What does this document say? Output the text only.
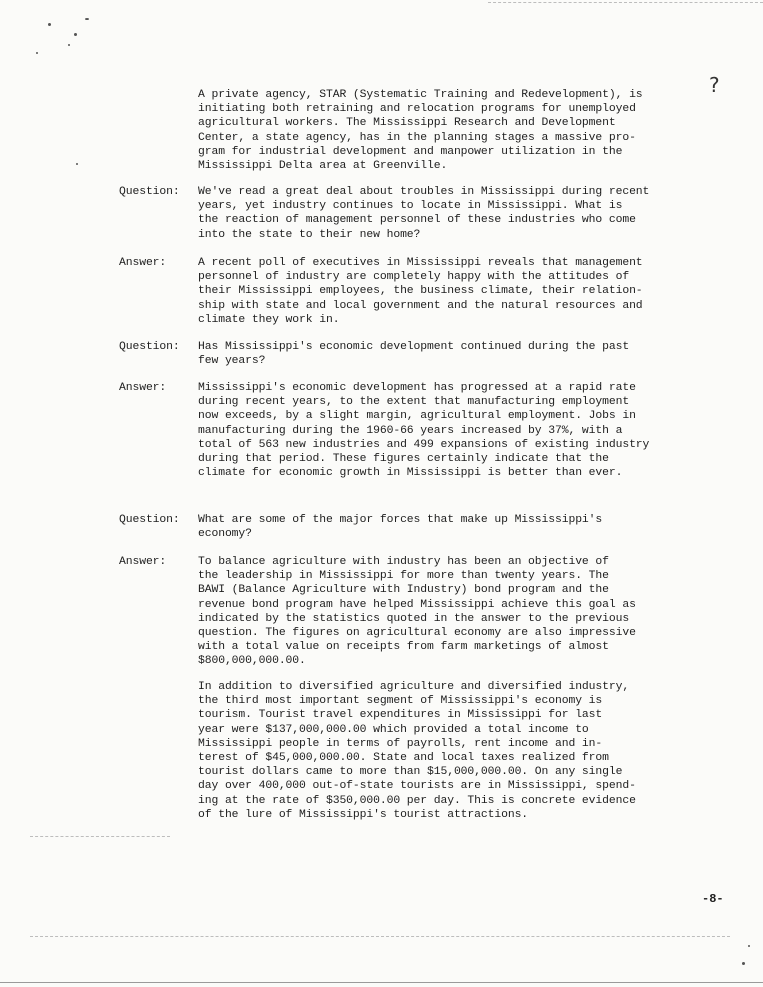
?

A private agency, STAR (Systematic Training and Redevelopment), is
initiating both retraining and relocation programs for unemployed
agricultural workers. The Mississippi Research and Development
Center, a state agency, has in the planning stages a massive pro-
gram for industrial development and manpower utilization in the
Mississippi Delta area at Greenville.

Question: We've read a great deal about troubles in Mississippi during recent
years, yet industry continues to locate in Mississippi. What is
the reaction of management personnel of these industries who come
into the state to their new home?

Answer:	A recent poll of executives in Mississippi reveals that management
personnel of industry are completely happy with the attitudes of
their Mississippi employees, the business climate, their relation-
ship with state and local government and the natural resources and
climate they work in.

Question: Has Mississippi's economic development continued during the past
few years?

Answer:	Mississippi's economic development has progressed at a rapid rate
during recent years, to the extent that manufacturing employment
now exceeds, by a slight margin, agricultural employment. Jobs in
manufacturing during the 1960-66 years increased by 37%, with a
total of 563 new industries and 499 expansions of existing industry
during that period. These figures certainly indicate that the
climate for economic growth in Mississippi is better than ever.

Question: What are some of the major forces that make up Mississippi's
economy?

Answer:	To balance agriculture with industry has been an objective of
the leadership in Mississippi for more than twenty years. The
BAWI (Balance Agriculture with Industry) bond program and the
revenue bond program have helped Mississippi achieve this goal as
indicated by the statistics quoted in the answer to the previous
question. The figures on agricultural economy are also impressive
with a total value on receipts from farm marketings of almost
$800,000,000.00.

In addition to diversified agriculture and diversified industry,
the third most important segment of Mississippi's economy is
tourism. Tourist travel expenditures in Mississippi for last
year were $137,000,000.00 which provided a total income to
Mississippi people in terms of payrolls, rent income and in-
terest of $45,000,000.00. State and local taxes realized from
tourist dollars came to more than $15,000,000.00. On any single
day over 400,000 out-of-state tourists are in Mississippi, spend-
ing at the rate of $350,000.00 per day. This is concrete evidence
of the lure of Mississippi's tourist attractions.

-8-
